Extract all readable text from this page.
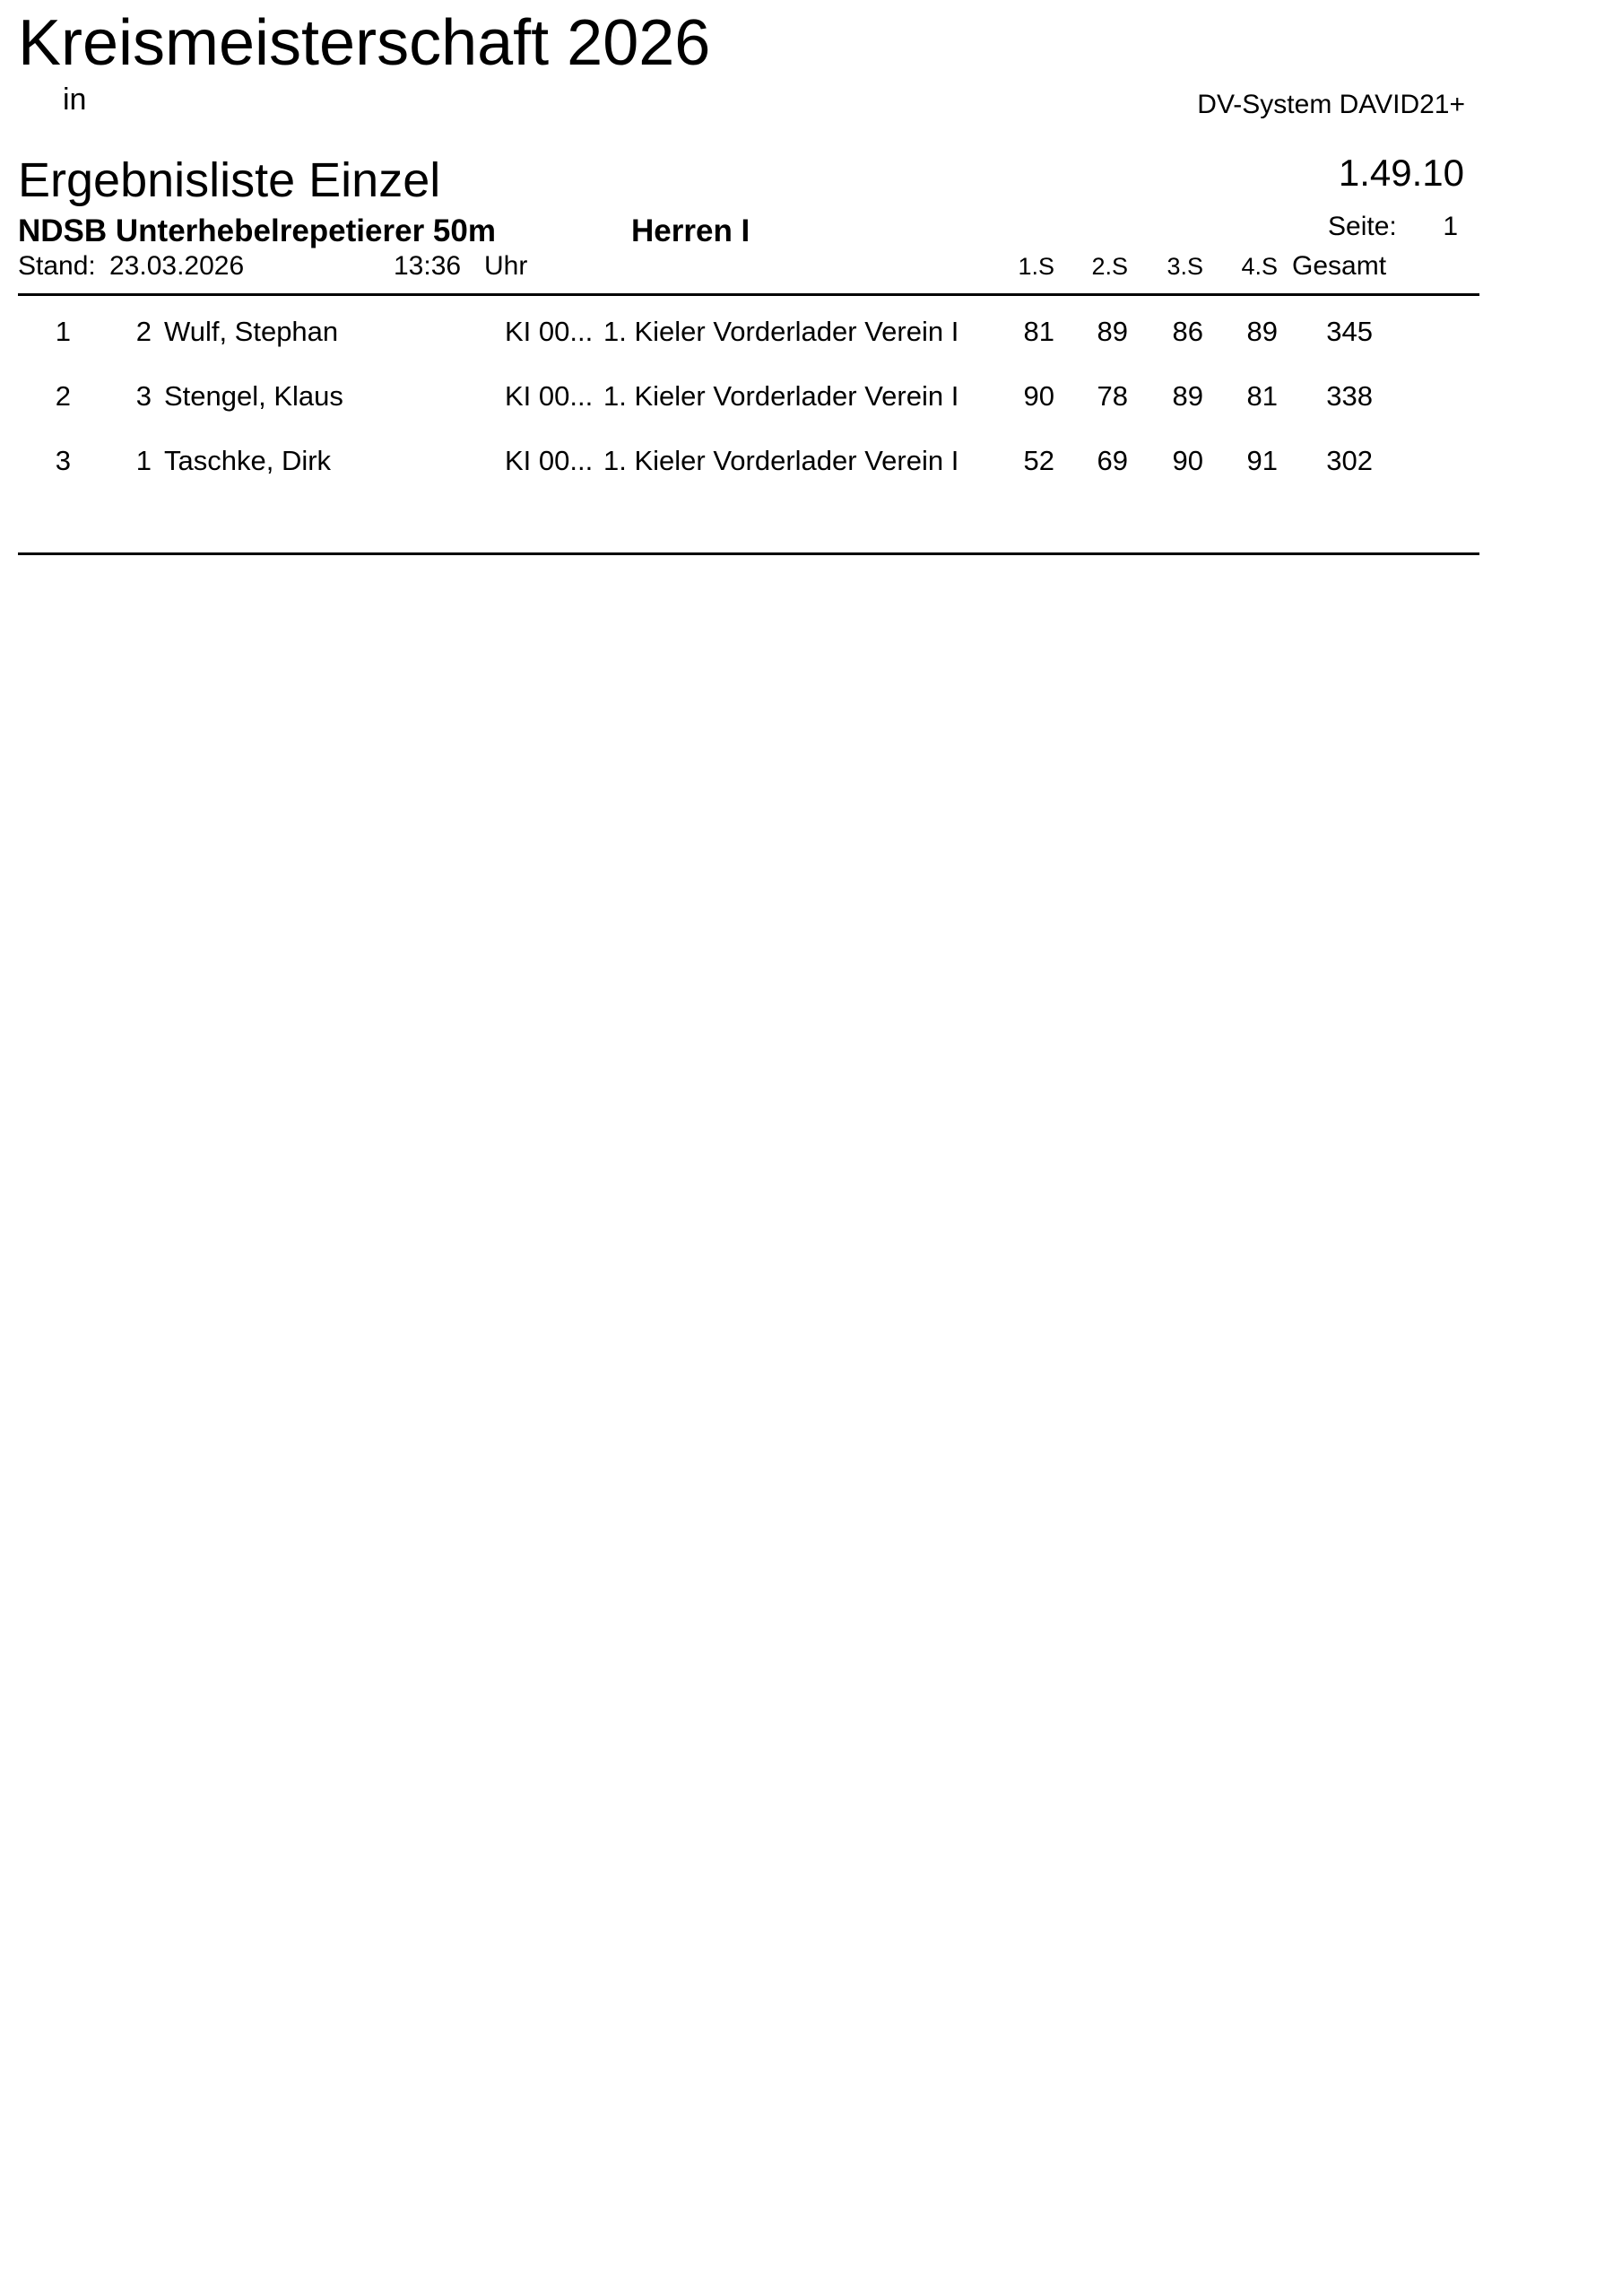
Kreismeisterschaft 2026
in	DV-System DAVID21+
Ergebnisliste Einzel	1.49.10
NDSB Unterhebelrepetierer 50m	Herren I	Seite: 1
Stand: 23.03.2026	13:36 Uhr	1.S 2.S 3.S 4.S Gesamt
1 2 Wulf, Stephan	KI 00... 1. Kieler Vorderlader Verein I 81 89 86 89 345
2 3 Stengel, Klaus	KI 00... 1. Kieler Vorderlader Verein I 90 78 89 81 338
3 1 Taschke, Dirk	KI 00... 1. Kieler Vorderlader Verein I 52 69 90 91 302
